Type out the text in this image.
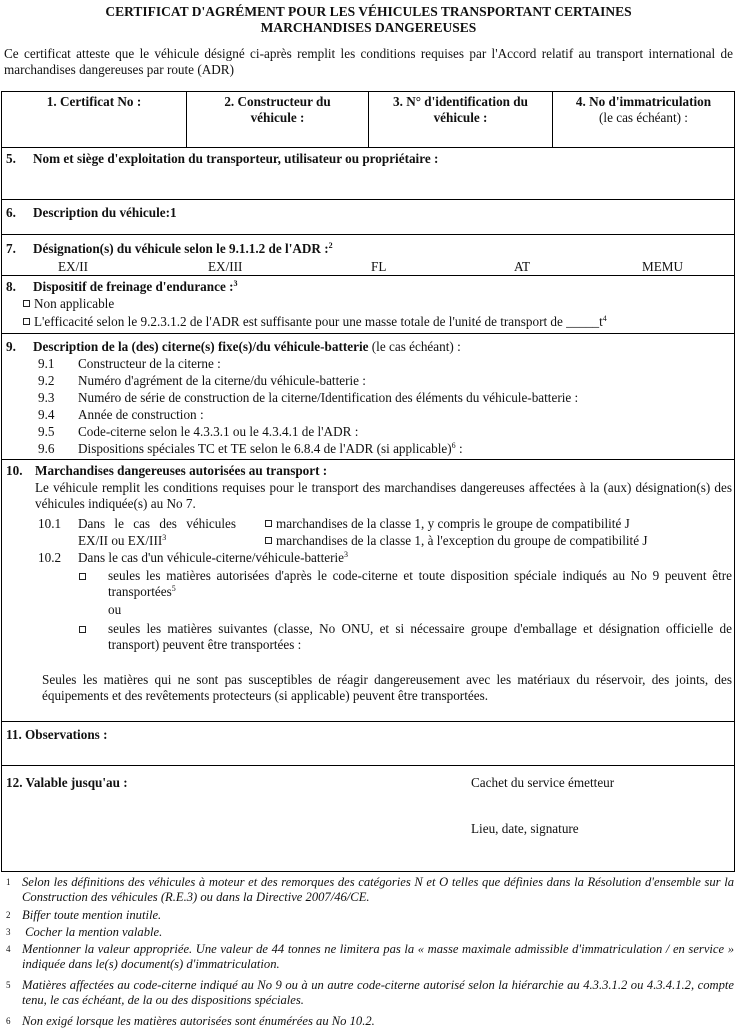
CERTIFICAT D'AGRÉMENT POUR LES VÉHICULES TRANSPORTANT CERTAINES
MARCHANDISES DANGEREUSES
Ce certificat atteste que le véhicule désigné ci-après remplit les conditions requises par l'Accord relatif au transport international de marchandises dangereuses par route (ADR)
1. Certificat No :	2. Constructeur du
véhicule :
3. N° d'identification du
véhicule :
4. No d'immatriculation
(le cas échéant) :
5. Nom et siège d'exploitation du transporteur, utilisateur ou propriétaire :
6. Description du véhicule:1
7. Désignation(s) du véhicule selon le 9.1.1.2 de l'ADR :$^2$
EX/II	EX/III	FL	AT	MEMU
8. Dispositif de freinage d'endurance :$^3$
Non applicable
L'efficacité selon le 9.2.3.1.2 de l'ADR est suffisante pour une masse totale de l'unité de transport de $\_\_\_\_\_t^4$
9. Description de la (des) citerne(s) fixe(s)/du véhicule-batterie (le cas échéant) :
9.1 Constructeur de la citerne :
9.2 Numéro d'agrément de la citerne/du véhicule-batterie :
9.3 Numéro de série de construction de la citerne/Identification des éléments du véhicule-batterie :
9.4 Année de construction :
9.5 Code-citerne selon le 4.3.3.1 ou le 4.3.4.1 de l'ADR :
9.6 Dispositions spéciales TC et TE selon le 6.8.4 de l'ADR (si applicable)$^6$ :
10. Marchandises dangereuses autorisées au transport :
Le véhicule remplit les conditions requises pour le transport des marchandises dangereuses affectées à la (aux) désignation(s) des véhicules indiquée(s) au No 7.
10.1 Dans le cas des véhicules
EX/II ou EX/III$^3$
marchandises de la classe 1, y compris le groupe de compatibilité J
marchandises de la classe 1, à l'exception du groupe de compatibilité J
10.2 Dans le cas d'un véhicule-citerne/véhicule-batterie$^3$
seules les matières autorisées d'après le code-citerne et toute disposition spéciale indiqués au No 9 peuvent être transportées$^5$
ou
seules les matières suivantes (classe, No ONU, et si nécessaire groupe d'emballage et désignation officielle de transport) peuvent être transportées :
Seules les matières qui ne sont pas susceptibles de réagir dangereusement avec les matériaux du réservoir, des joints, des équipements et des revêtements protecteurs (si applicable) peuvent être transportées.
11. Observations :
12. Valable jusqu'au :	Cachet du service émetteur
Lieu, date, signature
1 Selon les définitions des véhicules à moteur et des remorques des catégories N et O telles que définies dans la Résolution d'ensemble sur la Construction des véhicules (R.E.3) ou dans la Directive 2007/46/CE.
2 Biffer toute mention inutile.
3 Cocher la mention valable.
4 Mentionner la valeur appropriée. Une valeur de 44 tonnes ne limitera pas la « masse maximale admissible d'immatriculation / en service » indiquée dans le(s) document(s) d'immatriculation.
5 Matières affectées au code-citerne indiqué au No 9 ou à un autre code-citerne autorisé selon la hiérarchie au 4.3.3.1.2 ou 4.3.4.1.2, compte tenu, le cas échéant, de la ou des dispositions spéciales.
6 Non exigé lorsque les matières autorisées sont énumérées au No 10.2.
